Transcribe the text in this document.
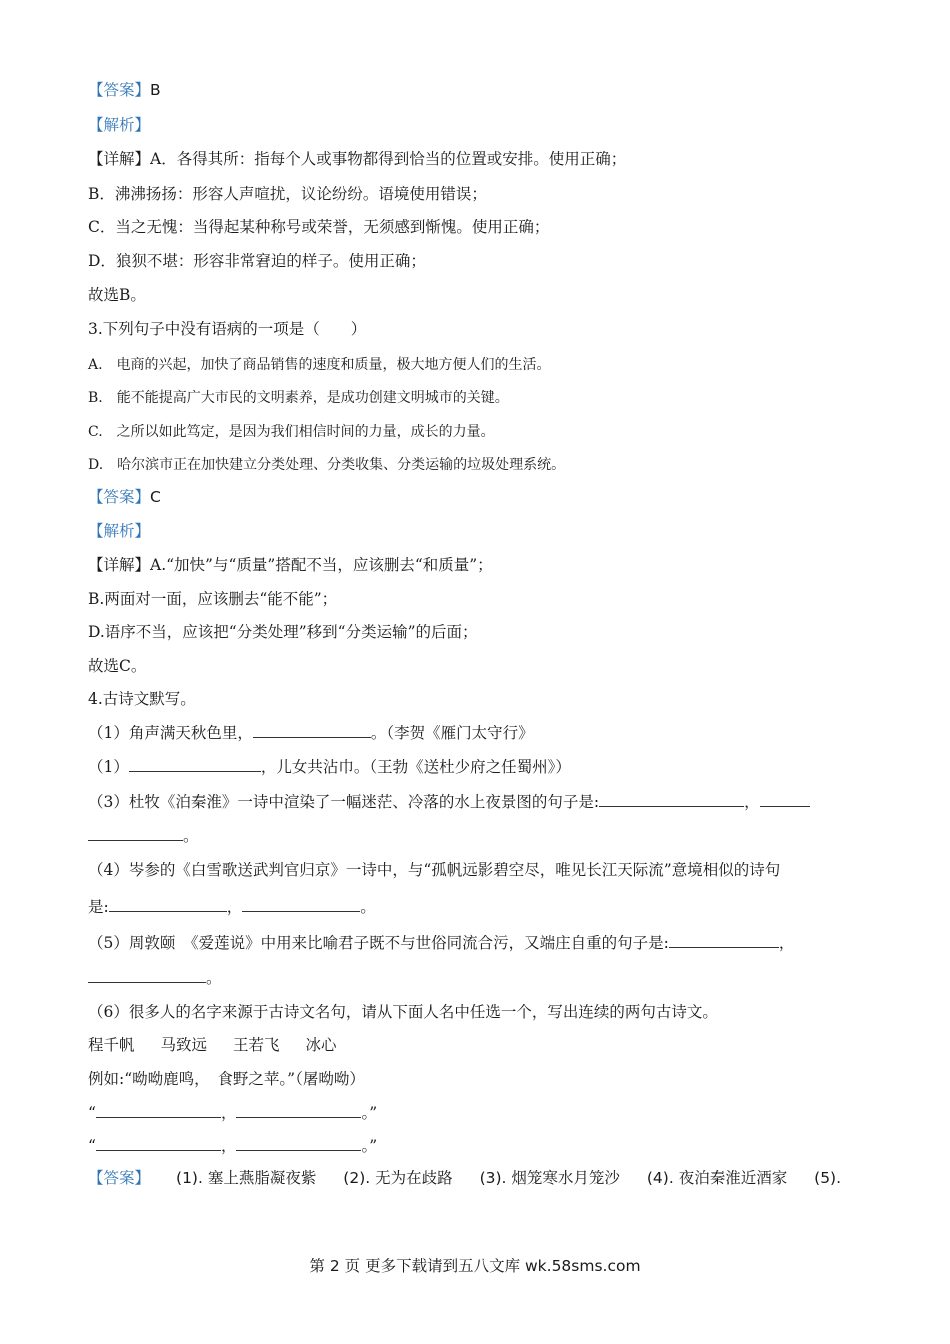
【答案】B
【解析】
【详解】A．各得其所：指每个人或事物都得到恰当的位置或安排。使用正确；
B．沸沸扬扬：形容人声喧扰，议论纷纷。语境使用错误；
C．当之无愧：当得起某种称号或荣誉，无须感到惭愧。使用正确；
D．狼狈不堪：形容非常窘迫的样子。使用正确；
故选B。
3.下列句子中没有语病的一项是（　　）
A.　电商的兴起，加快了商品销售的速度和质量，极大地方便人们的生活。
B.　能不能提高广大市民的文明素养，是成功创建文明城市的关键。
C.　之所以如此笃定，是因为我们相信时间的力量，成长的力量。
D.　哈尔滨市正在加快建立分类处理、分类收集、分类运输的垃圾处理系统。
【答案】C
【解析】
【详解】A.“加快”与“质量”搭配不当，应该删去“和质量”；
B.两面对一面，应该删去“能不能”；
D.语序不当，应该把“分类处理”移到“分类运输”的后面；
故选C。
4.古诗文默写。
（1）角声满天秋色里，	。（李贺《雁门太守行》
（1）	，儿女共沾巾。（王勃《送杜少府之任蜀州》）
（3）杜牧《泊秦淮》一诗中渲染了一幅迷茫、冷落的水上夜景图的句子是:	，
。
（4）岑参的《白雪歌送武判官归京》一诗中，与“孤帆远影碧空尽，唯见长江天际流”意境相似的诗句
是:	，	。
（5）周敦颐　《爱莲说》中用来比喻君子既不与世俗同流合污，又端庄自重的句子是:	，
。
（6）很多人的名字来源于古诗文名句，请从下面人名中任选一个，写出连续的两句古诗文。
程千帆 马致远 王若飞 冰心
例如:“呦呦鹿鸣，　食野之苹。”（屠呦呦）
“	，	。”
“	，	。”
【答案】 (1). 塞上燕脂凝夜紫 (2). 无为在歧路 (3). 烟笼寒水月笼沙 (4). 夜泊秦淮近酒家 (5).
第 2 页 更多下载请到五八文库 wk.58sms.com
